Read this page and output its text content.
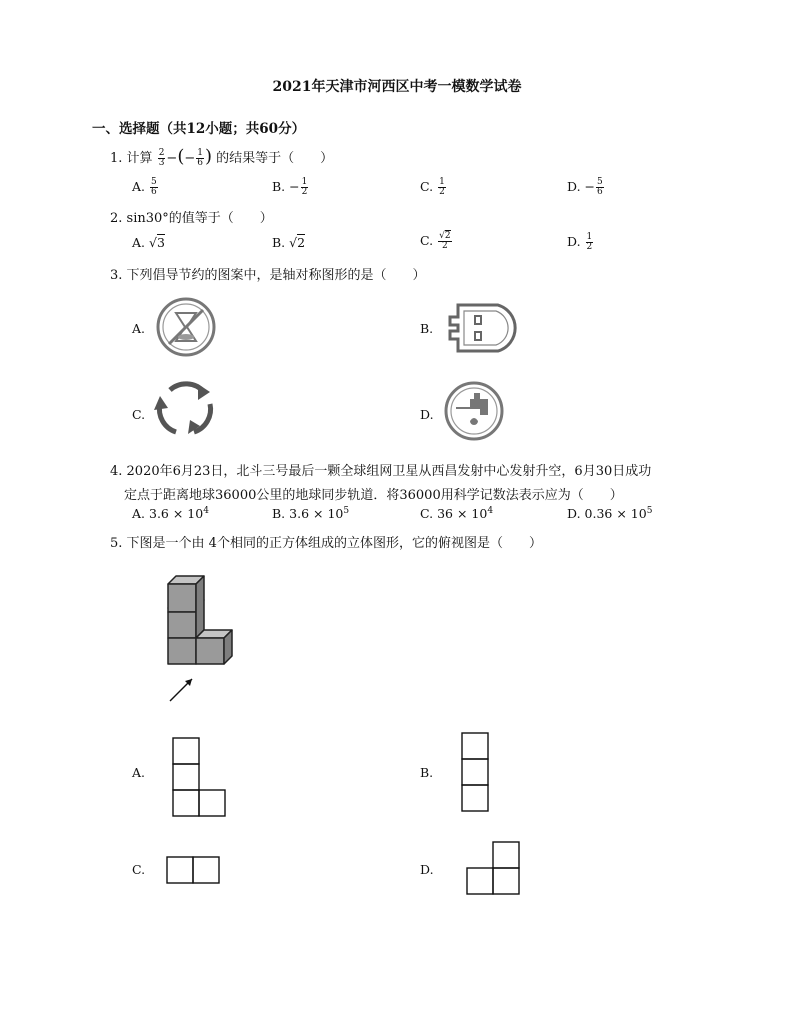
2021年天津市河西区中考一模数学试卷
一、选择题（共12小题；共60分）
1. 计算 $\frac{2}{3}$ −(− $\frac{1}{6}$ ) 的结果等于（　　）
A. $\frac{5}{6}$	B. − $\frac{1}{2}$	C. $\frac{1}{2}$	D. − $\frac{5}{6}$
2. sin30°的值等于（　　）
A. √3	B. √2	C. $\frac{√2}{2}$	D. $\frac{1}{2}$
3. 下列倡导节约的图案中，是轴对称图形的是（　　）
A.	B.
C.	D.
4. 2020年6月23日，北斗三号最后一颗全球组网卫星从西昌发射中心发射升空，6月30日成功
定点于距离地球36000公里的地球同步轨道．将36000用科学记数法表示应为（　　）
A. $3.6 \times 10^4$	B. $3.6 \times 10^5$	C. $36 \times 10^4$	D. $0.36 \times 10^5$
5. 下图是一个由 4个相同的正方体组成的立体图形，它的俯视图是（　　）
A.	B.
C.	D.
